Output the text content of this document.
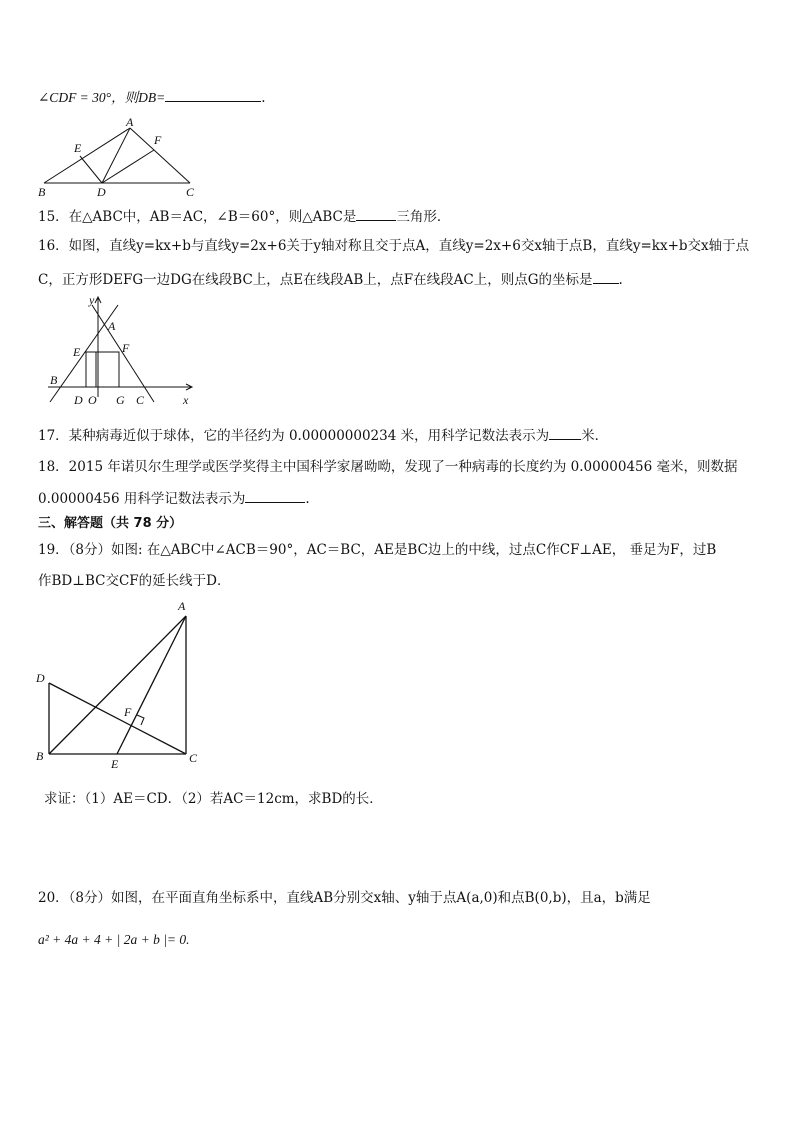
∠CDF = 30°，则DB=	.
A
B	C
D
E
F
15．在△ABC中，AB＝AC，∠B＝60°，则△ABC是	三角形．
16．如图，直线y=kx+b与直线y=2x+6关于y轴对称且交于点A，直线y=2x+6交x轴于点B，直线y=kx+b交x轴于点
C，正方形DEFG一边DG在线段BC上，点E在线段AB上，点F在线段AC上，则点G的坐标是 .
y
x
A
B
C
D O G
E	F
17．某种病毒近似于球体，它的半径约为 0.00000000234 米，用科学记数法表示为 米．
18．2015 年诺贝尔生理学或医学奖得主中国科学家屠呦呦，发现了一种病毒的长度约为 0.00000456 毫米，则数据
0.00000456 用科学记数法表示为	.
三、解答题（共 78 分）
19．（8分）如图: 在△ABC中∠ACB＝90°，AC＝BC，AE是BC边上的中线，过点C作CF⊥AE， 垂足为F，过B
作BD⊥BC交CF的延长线于D．
A
B	C
D
E
F
求证：（1）AE＝CD．（2）若AC＝12cm，求BD的长．
20．（8分）如图，在平面直角坐标系中，直线AB分别交x轴、y轴于点A(a,0)和点B(0,b)，且a，b满足
a² + 4a + 4 + | 2a + b |= 0.
